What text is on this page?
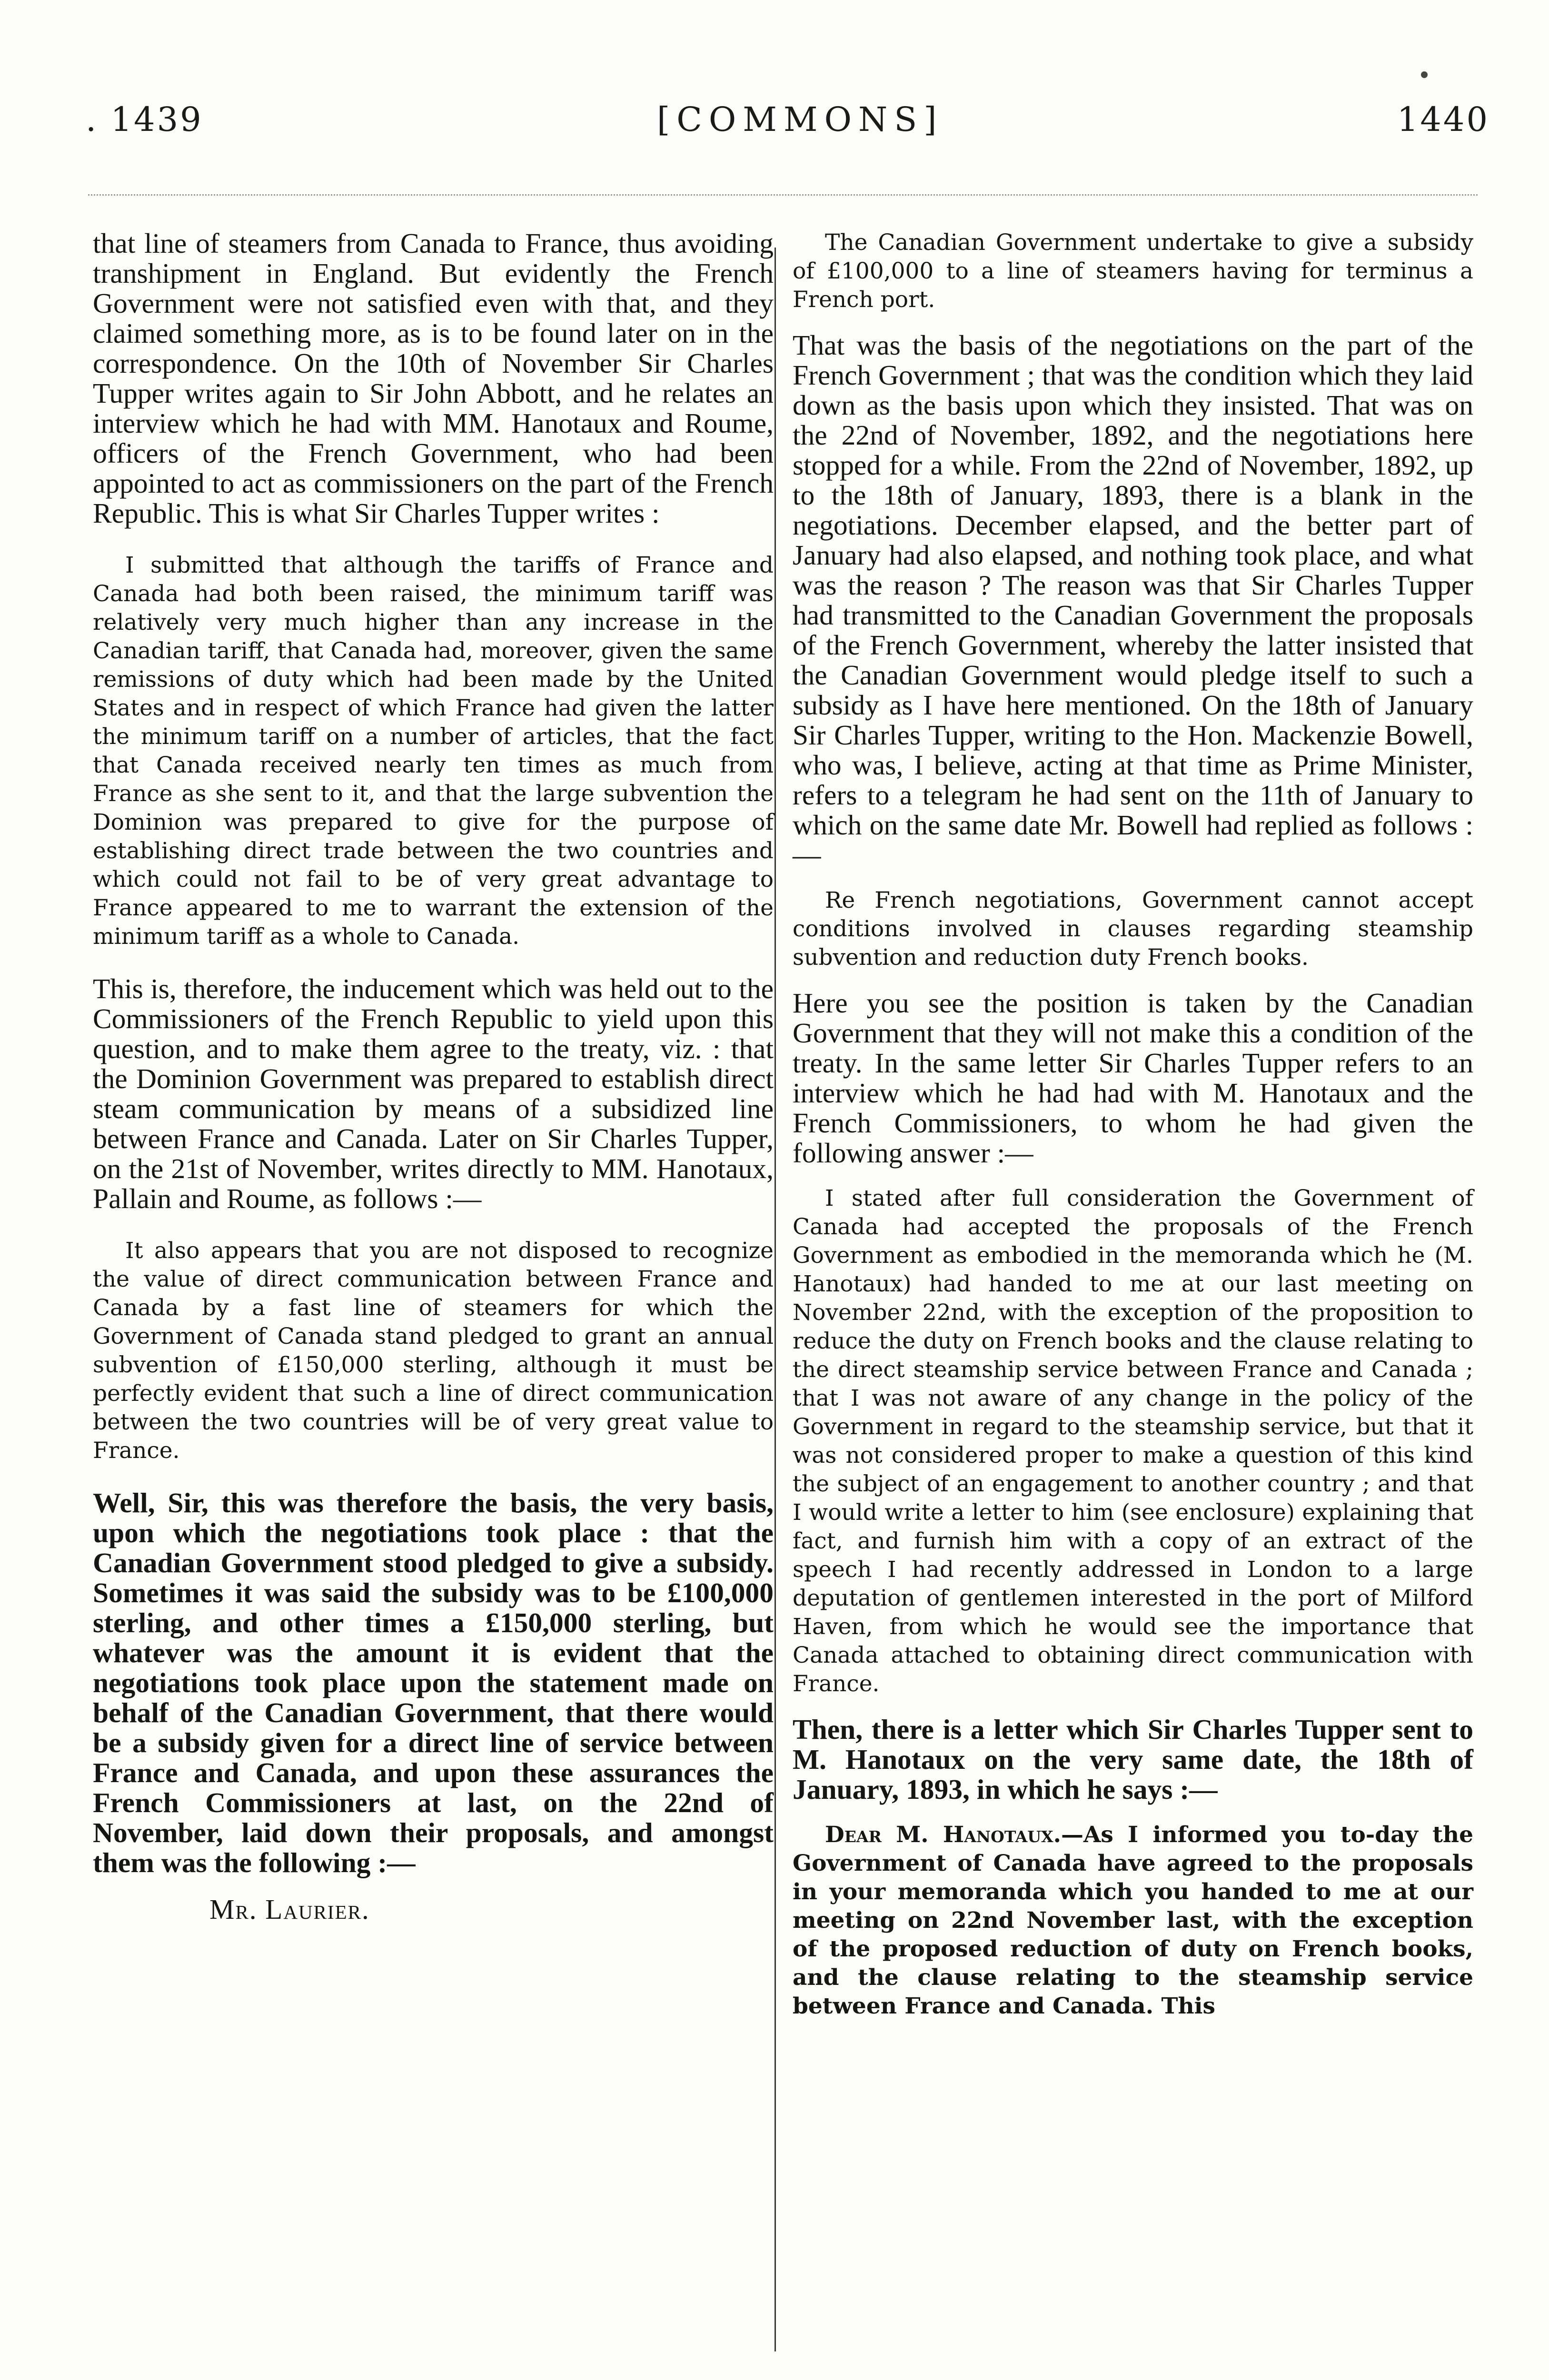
. 1439	[COMMONS]	1440

that line of steamers from Canada to France, thus avoiding transhipment in England. But evidently the French Government were not satisfied even with that, and they claimed something more, as is to be found later on in the correspondence. On the 10th of November Sir Charles Tupper writes again to Sir John Abbott, and he relates an interview which he had with MM. Hanotaux and Roume, officers of the French Government, who had been appointed to act as commissioners on the part of the French Republic. This is what Sir Charles Tupper writes :

I submitted that although the tariffs of France and Canada had both been raised, the minimum tariff was relatively very much higher than any increase in the Canadian tariff, that Canada had, moreover, given the same remissions of duty which had been made by the United States and in respect of which France had given the latter the minimum tariff on a number of articles, that the fact that Canada received nearly ten times as much from France as she sent to it, and that the large subvention the Dominion was prepared to give for the purpose of establishing direct trade between the two countries and which could not fail to be of very great advantage to France appeared to me to warrant the extension of the minimum tariff as a whole to Canada.

This is, therefore, the inducement which was held out to the Commissioners of the French Republic to yield upon this question, and to make them agree to the treaty, viz. : that the Dominion Government was prepared to establish direct steam communication by means of a subsidized line between France and Canada. Later on Sir Charles Tupper, on the 21st of November, writes directly to MM. Hanotaux, Pallain and Roume, as follows :—

It also appears that you are not disposed to recognize the value of direct communication between France and Canada by a fast line of steamers for which the Government of Canada stand pledged to grant an annual subvention of £150,000 sterling, although it must be perfectly evident that such a line of direct communication between the two countries will be of very great value to France.

Well, Sir, this was therefore the basis, the very basis, upon which the negotiations took place : that the Canadian Government stood pledged to give a subsidy. Sometimes it was said the subsidy was to be £100,000 sterling, and other times a £150,000 sterling, but whatever was the amount it is evident that the negotiations took place upon the statement made on behalf of the Canadian Government, that there would be a subsidy given for a direct line of service between France and Canada, and upon these assurances the French Commissioners at last, on the 22nd of November, laid down their proposals, and amongst them was the following :—

Mr. Laurier.

The Canadian Government undertake to give a subsidy of £100,000 to a line of steamers having for terminus a French port.

That was the basis of the negotiations on the part of the French Government ; that was the condition which they laid down as the basis upon which they insisted. That was on the 22nd of November, 1892, and the negotiations here stopped for a while. From the 22nd of November, 1892, up to the 18th of January, 1893, there is a blank in the negotiations. December elapsed, and the better part of January had also elapsed, and nothing took place, and what was the reason ? The reason was that Sir Charles Tupper had transmitted to the Canadian Government the proposals of the French Government, whereby the latter insisted that the Canadian Government would pledge itself to such a subsidy as I have here mentioned. On the 18th of January Sir Charles Tupper, writing to the Hon. Mackenzie Bowell, who was, I believe, acting at that time as Prime Minister, refers to a telegram he had sent on the 11th of January to which on the same date Mr. Bowell had replied as follows :—

Re French negotiations, Government cannot accept conditions involved in clauses regarding steamship subvention and reduction duty French books.

Here you see the position is taken by the Canadian Government that they will not make this a condition of the treaty. In the same letter Sir Charles Tupper refers to an interview which he had had with M. Hanotaux and the French Commissioners, to whom he had given the following answer :—

I stated after full consideration the Government of Canada had accepted the proposals of the French Government as embodied in the memoranda which he (M. Hanotaux) had handed to me at our last meeting on November 22nd, with the exception of the proposition to reduce the duty on French books and the clause relating to the direct steamship service between France and Canada ; that I was not aware of any change in the policy of the Government in regard to the steamship service, but that it was not considered proper to make a question of this kind the subject of an engagement to another country ; and that I would write a letter to him (see enclosure) explaining that fact, and furnish him with a copy of an extract of the speech I had recently addressed in London to a large deputation of gentlemen interested in the port of Milford Haven, from which he would see the importance that Canada attached to obtaining direct communication with France.

Then, there is a letter which Sir Charles Tupper sent to M. Hanotaux on the very same date, the 18th of January, 1893, in which he says :—

Dear M. Hanotaux.—As I informed you to-day the Government of Canada have agreed to the proposals in your memoranda which you handed to me at our meeting on 22nd November last, with the exception of the proposed reduction of duty on French books, and the clause relating to the steamship service between France and Canada. This
